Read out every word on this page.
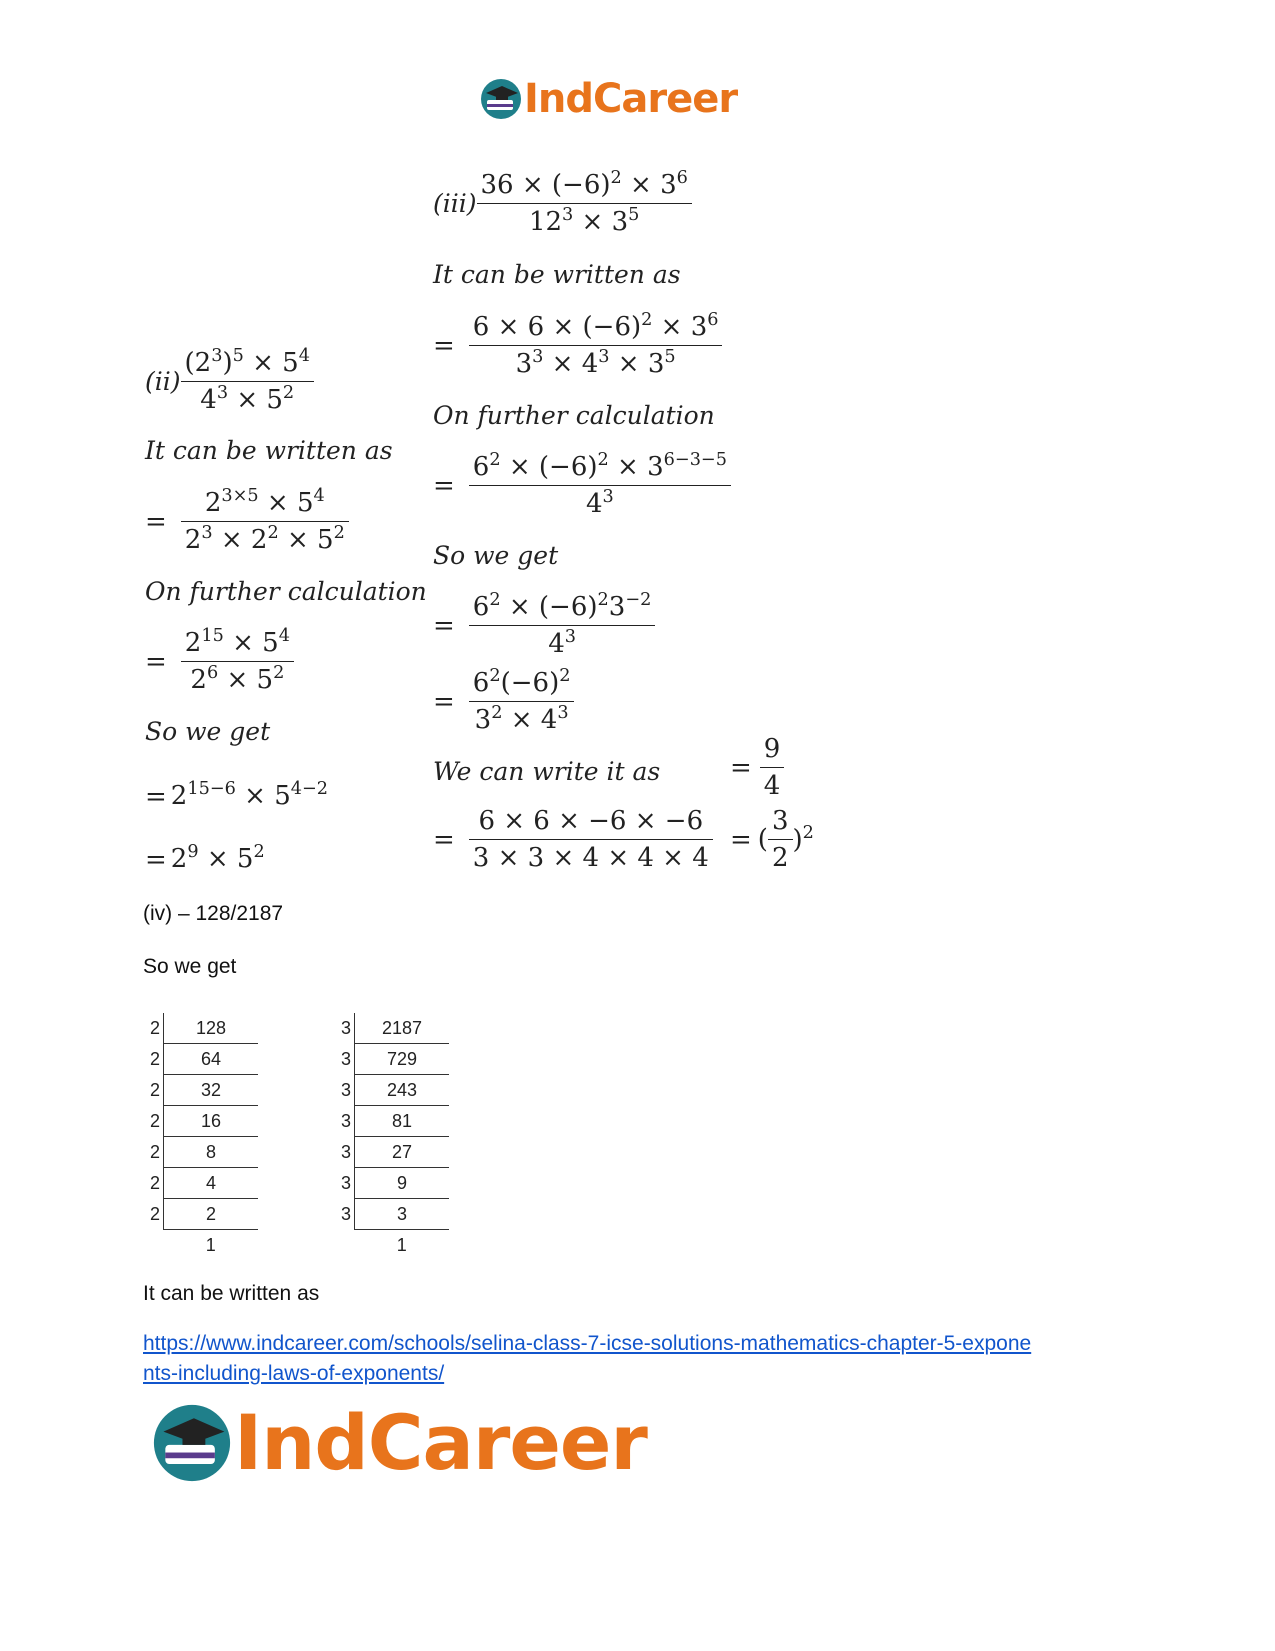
IndCareer
$(iii) \frac{36 \times (-6)^2 \times 3^6}{12^3 \times 3^5}$
It can be written as
= $\frac{6 \times 6 \times (-6)^2 \times 3^6}{3^3 \times 4^3 \times 3^5}$
On further calculation
= $\frac{6^2 \times (-6)^2 \times 3^{6-3-5}}{4^3}$
So we get
= $\frac{6^2 \times (-6)^23^{-2}}{4^3}$
= $\frac{6^2(-6)^2}{3^2 \times 4^3}$
We can write it as
= $\frac{6 \times 6 \times -6 \times -6}{3 \times 3 \times 4 \times 4 \times 4}$
= $\frac{9}{4}$
= ( $\frac{3}{2} )^2$
$(ii) \frac{(2^3)^5 \times 5^4}{4^3 \times 5^2}$
It can be written as
= $\frac{2^{3\times 5} \times 5^4}{2^3 \times 2^2 \times 5^2}$
On further calculation
= $\frac{2^{15} \times 5^4}{2^6 \times 5^2}$
So we get
= $2^{15-6} \times 5^{4-2}$
= $2^9 \times 5^2$
(iv) – 128/2187
So we get
2	128
2	64
2	32
2	16
2	8
2	4
2	2
	1
3	2187
3	729
3	243
3	81
3	27
3	9
3	3
	1
It can be written as
https://www.indcareer.com/schools/selina-class-7-icse-solutions-mathematics-chapter-5-expone
nts-including-laws-of-exponents/
IndCareer
